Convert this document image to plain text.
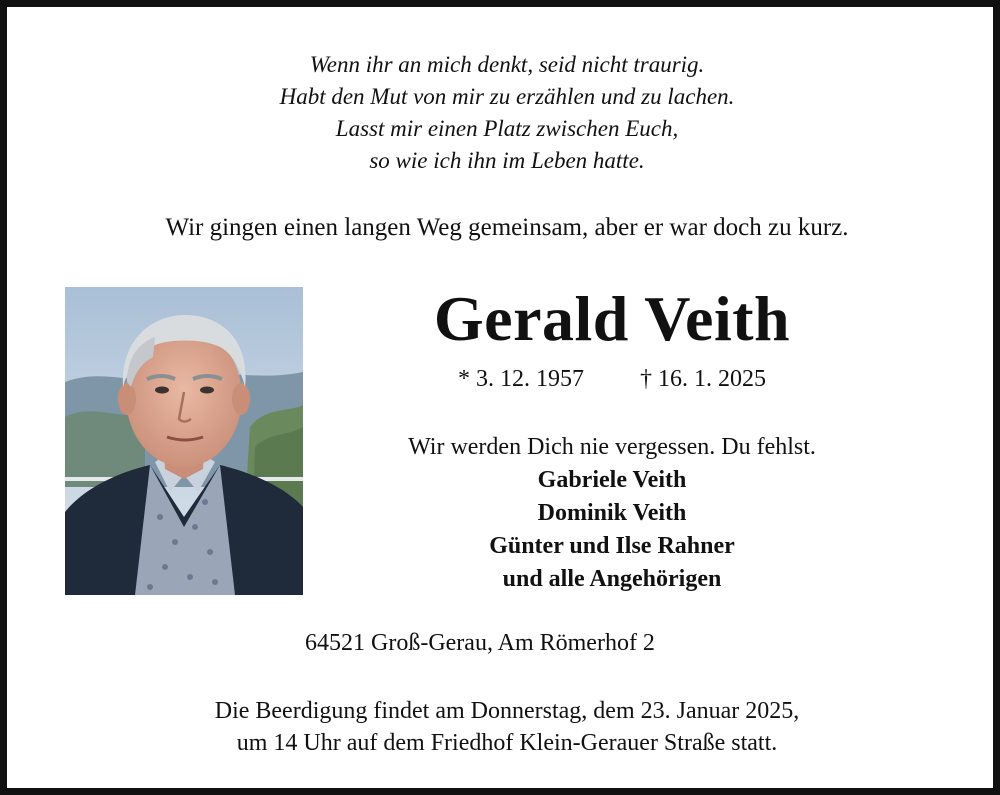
Wenn ihr an mich denkt, seid nicht traurig.
Habt den Mut von mir zu erzählen und zu lachen.
Lasst mir einen Platz zwischen Euch,
so wie ich ihn im Leben hatte.
Wir gingen einen langen Weg gemeinsam, aber er war doch zu kurz.
Gerald Veith
* 3. 12. 1957 † 16. 1. 2025
Wir werden Dich nie vergessen. Du fehlst.
Gabriele Veith
Dominik Veith
Günter und Ilse Rahner
und alle Angehörigen
64521 Groß-Gerau, Am Römerhof 2
Die Beerdigung findet am Donnerstag, dem 23. Januar 2025,
um 14 Uhr auf dem Friedhof Klein-Gerauer Straße statt.
